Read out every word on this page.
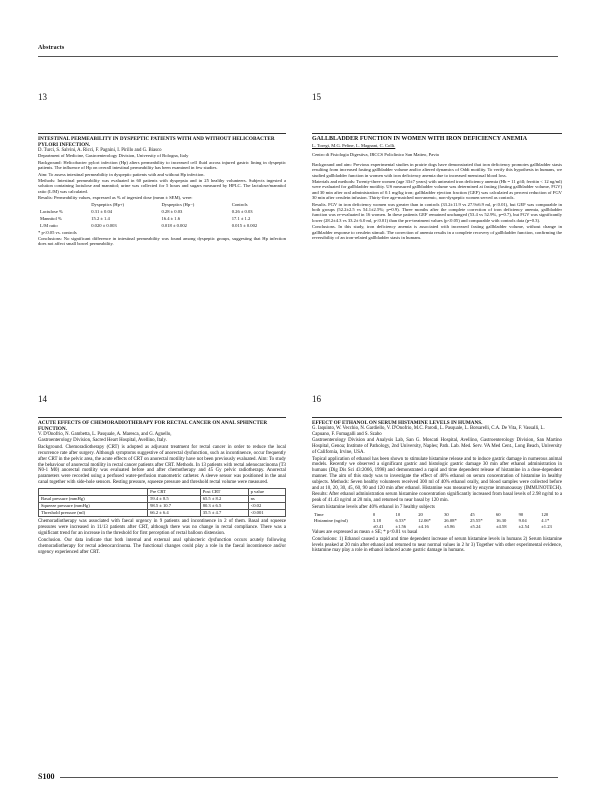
Abstracts
13
INTESTINAL PERMEABILITY IN DYSPEPTIC PATIENTS WITH AND WITHOUT HELICOBACTER PYLORI INFECTION.
D. Turci, S. Salvini, A. Ricci, F. Pagnini, I. Pirillo and G. Biasco

Department of Medicine, Gastroenterology Division, University of Bologna, Italy

Background: Helicobacter pylori infection (Hp) alters permeability to increased cell fluid across injured gastric lining in dyspeptic patients. The influence of Hp on overall intestinal permeability has been examined in few studies.

Aim: To assess intestinal permeability in dyspeptic patients with and without Hp infection.

Methods: Intestinal permeability was evaluated in 60 patients with dyspepsia and in 25 healthy volunteers. Subjects ingested a solution containing lactulose and mannitol; urine was collected for 5 hours and sugars measured by HPLC. The lactulose/mannitol ratio (L/M) was calculated.

Results: Permeability values, expressed as % of ingested dose (mean ± SEM), were:

	Dyspeptics (Hp+)	Dyspeptics (Hp−)	Controls
Lactulose %	0.31 ± 0.04	0.28 ± 0.03	0.26 ± 0.03
Mannitol %	15.2 ± 1.4	16.4 ± 1.6	17.1 ± 1.2
L/M ratio	0.020 ± 0.003	0.018 ± 0.002	0.015 ± 0.002

* p<0.05 vs. controls

Conclusions: No significant difference in intestinal permeability was found among dyspeptic groups, suggesting that Hp infection does not affect small bowel permeability.

15
GALLBLADDER FUNCTION IN WOMEN WITH IRON DEFICIENCY ANEMIA
L. Toregi, M.G. Peline, L. Magnani, C. Colli.

Centro di Fisiologia Digestiva, IRCCS Policlinico San Matteo, Pavia

Background and aim: Previous experimental studies in prairie dogs have demonstrated that iron deficiency promotes gallbladder stasis resulting from increased fasting gallbladder volume and/or altered dynamics of Oddi motility. To verify this hypothesis in humans, we studied gallbladder function in women with iron deficiency anemia due to increased menstrual blood loss.

Materials and methods: Twenty-three women (age 33±7 years) with untreated iron deficiency anemia (Hb = 11 g/dl; ferritin < 12 ng/ml) were evaluated for gallbladder motility. US measured gallbladder volume was determined at fasting (fasting gallbladder volume, FGV) and 30 min after oral administration of 0.1 mg/kg iron; gallbladder ejection fraction (GEF) was calculated as percent reduction of FGV 30 min after cerulein infusion. Thirty-five age-matched non-anemic, non-dyspeptic women served as controls.

Results. FGV in iron deficiency women was greater than in controls (33.2±11.9 vs 27.9±6.9 ml, p<0.01), but GEF was comparable in both groups (52.2±2.5 vs 54.1±2.5%; p=0.9). Three months after the complete correction of iron deficiency anemia, gallbladder function was re-evaluated in 16 women. In these patients GEF remained unchanged (53.4 vs 52.9%, p=0.7), but FGV was significantly lower (28.2±4.3 vs 33.2± 6.0 ml, p<0.01) than the pre-treatment values (p<0.05) and comparable with controls data (p=0.3).

Conclusions. In this study, iron deficiency anemia is associated with increased fasting gallbladder volume, without change in gallbladder response to cerulein stimuli. The correction of anemia results in a complete recovery of gallbladder function, confirming the reversibility of an iron-related gallbladder stasis in humans.

14
ACUTE EFFECTS OF CHEMORADIOTHERAPY FOR RECTAL CANCER ON ANAL SPHINCTER FUNCTION.
V. D'Onofrio, N. Gambetta, L. Pasquale, A. Maresca, and G. Agnello,

Gastroenterology Division, Sacred Heart Hospital, Avellino, Italy.

Background. Chemoradiotherapy (CRT) is adopted as adjuvant treatment for rectal cancer in order to reduce the local recurrence rate after surgery. Although symptoms suggestive of anorectal dysfunction, such as incontinence, occur frequently after CRT in the pelvic area, the acute effects of CRT on anorectal motility have not been previously evaluated. Aim: To study the behaviour of anorectal motility in rectal cancer patients after CRT. Methods. In 13 patients with rectal adenocarcinoma (T3 N0-1 M0) anorectal motility was evaluated before and after chemotherapy and 45 Gy pelvic radiotherapy. Anorectal parameters were recorded using a perfused water-perfusion manometric catheter. A sleeve sensor was positioned in the anal canal together with side-hole sensors. Resting pressure, squeeze pressure and threshold rectal volume were measured.

	Pre CRT	Post CRT	p value
Basal pressure (mmHg)	59.4 ± 8.5	65.5 ± 8.2	ns
Squeeze pressure (mmHg)	98.5 ± 10.7	80.3 ± 6.5	<0.02
Threshold pressure (ml)	66.2 ± 6.4	35.5 ± 4.7	<0.001

Chemoradiotherapy was associated with faecal urgency in 9 patients and incontinence in 2 of them. Basal and squeeze pressures were increased in 11/13 patients after CRT, although there was no change in rectal compliance. There was a significant trend for an increase in the threshold for first perception of rectal balloon distension.

Conclusion. Our data indicate that both internal and external anal sphincteric dysfunction occurs acutely following chemoradiotherapy for rectal adenocarcinoma. The functional changes could play a role in the faecal incontinence and/or urgency experienced after CRT.

16
EFFECT OF ETHANOL ON SERUM HISTAMINE LEVELS IN HUMANS.
G. Iaquinto, W. Vecchio, N. Gardiello, V. D'Onofrio, M.C. Parodi, L. Pasquale, L. Borsarelli, C.A. De Vita, F. Vassalli, L. Capuano, F. Fumagalli and S. Szabo

Gastroenterology Division and Analysis Lab, San G. Moscati Hospital, Avellino, Gastroenterology Division, San Martino Hospital, Genoa; Institute of Pathology, 2nd University, Naples; Path. Lab. Med. Serv. VA Med Cent., Long Beach, University of California, Irvine, USA.

Topical application of ethanol has been shown to stimulate histamine release and to induce gastric damage in numerous animal models. Recently we observed a significant gastric and histologic gastric damage 30 min after ethanol administration in humans (Dig Dis Sci 43:2066, 1998) and demonstrated a rapid and time dependent release of histamine in a dose-dependent manner. The aim of this study was to investigate the effect of 40% ethanol on serum concentration of histamine in healthy subjects. Methods: Seven healthy volunteers received 300 ml of 40% ethanol orally, and blood samples were collected before and at 10, 20, 30, 45, 60, 90 and 120 min after ethanol. Histamine was measured by enzyme immunoassay (IMMUNOTECH). Results: After ethanol administration serum histamine concentration significantly increased from basal levels of 2.98 ng/ml to a peak of 41.43 ng/ml at 20 min, and returned to near basal by 120 min.

Serum histamine levels after 40% ethanol in 7 healthy subjects

Time	0	10	20	30	45	60	90	120
Histamine (ng/ml)	3.18	6.53*	12.06*	26.08*	25.55*	16.30	9.04	4.1*
	±0.41	±1.56	±4.16	±5.86	±5.24	±4.58	±2.54	±1.23

Values are expressed as mean ± SE; * p<0.01 vs basal

Conclusions: 1) Ethanol caused a rapid and time dependent increase of serum histamine levels in humans 2) Serum histamine levels peaked at 20 min after ethanol and returned to near normal values in 2 hr 3) Together with other experimental evidence, histamine may play a role in ethanol induced acute gastric damage in humans.

S100
